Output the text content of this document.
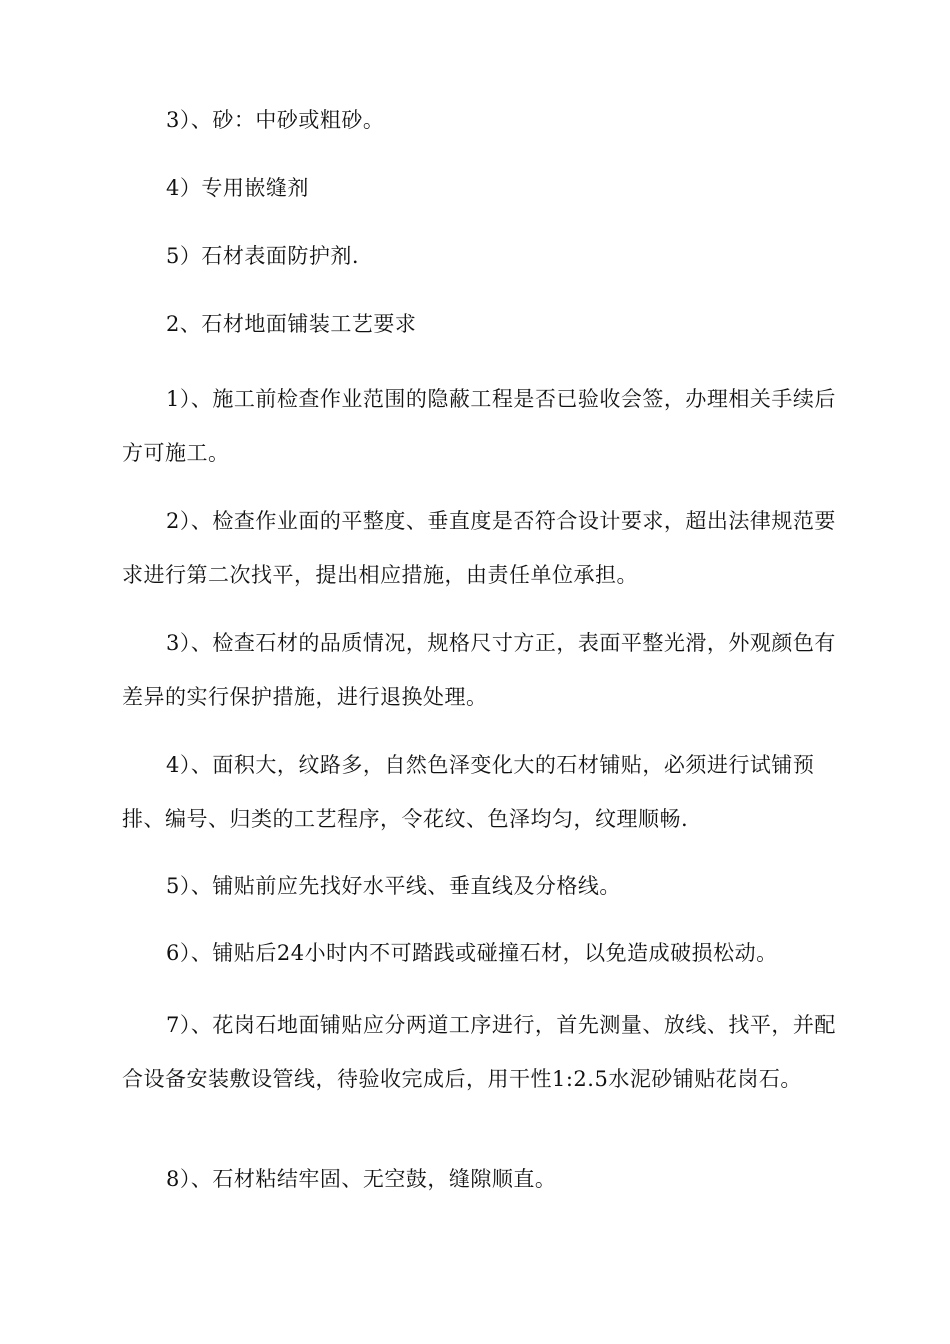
3）、砂：中砂或粗砂。

4）专用嵌缝剂

5）石材表面防护剂.

2、石材地面铺装工艺要求

1）、施工前检查作业范围的隐蔽工程是否已验收会签，办理相关手续后方可施工。

2）、检查作业面的平整度、垂直度是否符合设计要求，超出法律规范要求进行第二次找平，提出相应措施，由责任单位承担。

3）、检查石材的品质情况，规格尺寸方正，表面平整光滑，外观颜色有差异的实行保护措施，进行退换处理。

4）、面积大，纹路多，自然色泽变化大的石材铺贴，必须进行试铺预排、编号、归类的工艺程序，令花纹、色泽均匀，纹理顺畅.

5）、铺贴前应先找好水平线、垂直线及分格线。

6）、铺贴后24小时内不可踏践或碰撞石材，以免造成破损松动。

7）、花岗石地面铺贴应分两道工序进行，首先测量、放线、找平，并配合设备安装敷设管线，待验收完成后，用干性1:2.5水泥砂铺贴花岗石。

8）、石材粘结牢固、无空鼓，缝隙顺直。
